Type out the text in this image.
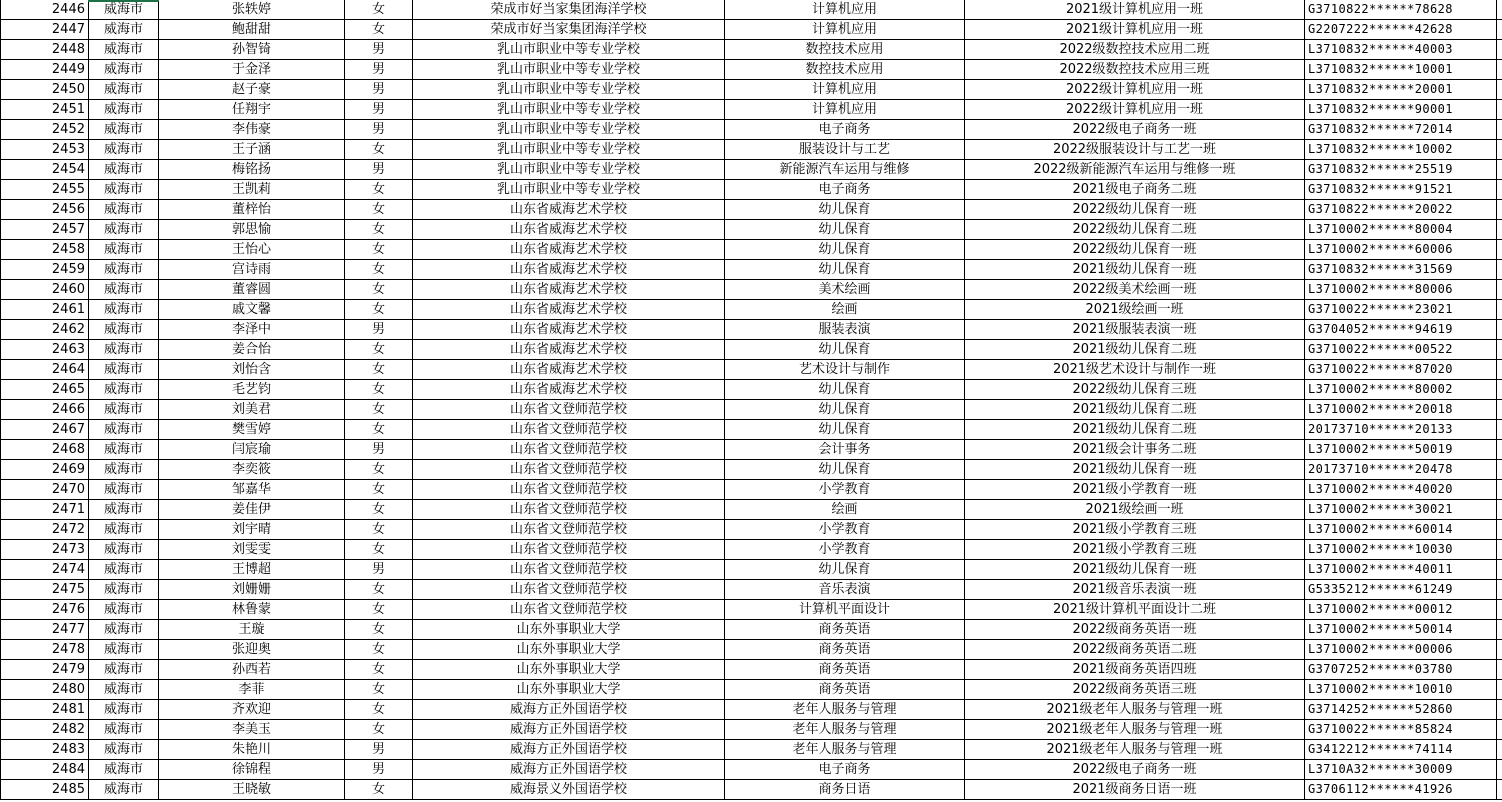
2446	威海市	张轶婷	女	荣成市好当家集团海洋学校	计算机应用	2021级计算机应用一班	G3710822******78628	
2447	威海市	鲍甜甜	女	荣成市好当家集团海洋学校	计算机应用	2021级计算机应用一班	G2207222******42628	
2448	威海市	孙智锜	男	乳山市职业中等专业学校	数控技术应用	2022级数控技术应用二班	L3710832******40003	
2449	威海市	于金泽	男	乳山市职业中等专业学校	数控技术应用	2022级数控技术应用三班	L3710832******10001	
2450	威海市	赵子豪	男	乳山市职业中等专业学校	计算机应用	2022级计算机应用一班	L3710832******20001	
2451	威海市	任翔宇	男	乳山市职业中等专业学校	计算机应用	2022级计算机应用一班	L3710832******90001	
2452	威海市	李伟豪	男	乳山市职业中等专业学校	电子商务	2022级电子商务一班	G3710832******72014	
2453	威海市	王子涵	女	乳山市职业中等专业学校	服装设计与工艺	2022级服装设计与工艺一班	L3710832******10002	
2454	威海市	梅铭扬	男	乳山市职业中等专业学校	新能源汽车运用与维修	2022级新能源汽车运用与维修一班	G3710832******25519	
2455	威海市	王凯莉	女	乳山市职业中等专业学校	电子商务	2021级电子商务二班	G3710832******91521	
2456	威海市	董梓怡	女	山东省威海艺术学校	幼儿保育	2022级幼儿保育一班	G3710822******20022	
2457	威海市	郭思愉	女	山东省威海艺术学校	幼儿保育	2022级幼儿保育二班	L3710002******80004	
2458	威海市	王怡心	女	山东省威海艺术学校	幼儿保育	2022级幼儿保育一班	L3710002******60006	
2459	威海市	宫诗雨	女	山东省威海艺术学校	幼儿保育	2021级幼儿保育一班	G3710832******31569	
2460	威海市	董睿圆	女	山东省威海艺术学校	美术绘画	2022级美术绘画一班	L3710002******80006	
2461	威海市	戚文馨	女	山东省威海艺术学校	绘画	2021级绘画一班	G3710022******23021	
2462	威海市	李泽中	男	山东省威海艺术学校	服装表演	2021级服装表演一班	G3704052******94619	
2463	威海市	姜合怡	女	山东省威海艺术学校	幼儿保育	2021级幼儿保育二班	G3710022******00522	
2464	威海市	刘怡含	女	山东省威海艺术学校	艺术设计与制作	2021级艺术设计与制作一班	G3710022******87020	
2465	威海市	毛艺钧	女	山东省威海艺术学校	幼儿保育	2022级幼儿保育三班	L3710002******80002	
2466	威海市	刘美君	女	山东省文登师范学校	幼儿保育	2021级幼儿保育二班	L3710002******20018	
2467	威海市	樊雪婷	女	山东省文登师范学校	幼儿保育	2021级幼儿保育二班	20173710******20133	
2468	威海市	闫宸瑜	男	山东省文登师范学校	会计事务	2021级会计事务二班	L3710002******50019	
2469	威海市	李奕筱	女	山东省文登师范学校	幼儿保育	2021级幼儿保育一班	20173710******20478	
2470	威海市	邹嘉华	女	山东省文登师范学校	小学教育	2021级小学教育一班	L3710002******40020	
2471	威海市	姜佳伊	女	山东省文登师范学校	绘画	2021级绘画一班	L3710002******30021	
2472	威海市	刘宇晴	女	山东省文登师范学校	小学教育	2021级小学教育三班	L3710002******60014	
2473	威海市	刘雯雯	女	山东省文登师范学校	小学教育	2021级小学教育三班	L3710002******10030	
2474	威海市	王博超	男	山东省文登师范学校	幼儿保育	2021级幼儿保育一班	L3710002******40011	
2475	威海市	刘姗姗	女	山东省文登师范学校	音乐表演	2021级音乐表演一班	G5335212******61249	
2476	威海市	林鲁蒙	女	山东省文登师范学校	计算机平面设计	2021级计算机平面设计二班	L3710002******00012	
2477	威海市	王璇	女	山东外事职业大学	商务英语	2022级商务英语一班	L3710002******50014	
2478	威海市	张迎奥	女	山东外事职业大学	商务英语	2022级商务英语二班	L3710002******00006	
2479	威海市	孙西若	女	山东外事职业大学	商务英语	2021级商务英语四班	G3707252******03780	
2480	威海市	李菲	女	山东外事职业大学	商务英语	2022级商务英语三班	L3710002******10010	
2481	威海市	齐欢迎	女	威海方正外国语学校	老年人服务与管理	2021级老年人服务与管理一班	G3714252******52860	
2482	威海市	李美玉	女	威海方正外国语学校	老年人服务与管理	2021级老年人服务与管理一班	G3710022******85824	
2483	威海市	朱艳川	男	威海方正外国语学校	老年人服务与管理	2021级老年人服务与管理一班	G3412212******74114	
2484	威海市	徐锦程	男	威海方正外国语学校	电子商务	2022级电子商务一班	L3710A32******30009	
2485	威海市	王晓敏	女	威海景义外国语学校	商务日语	2021级商务日语一班	G3706112******41926	
